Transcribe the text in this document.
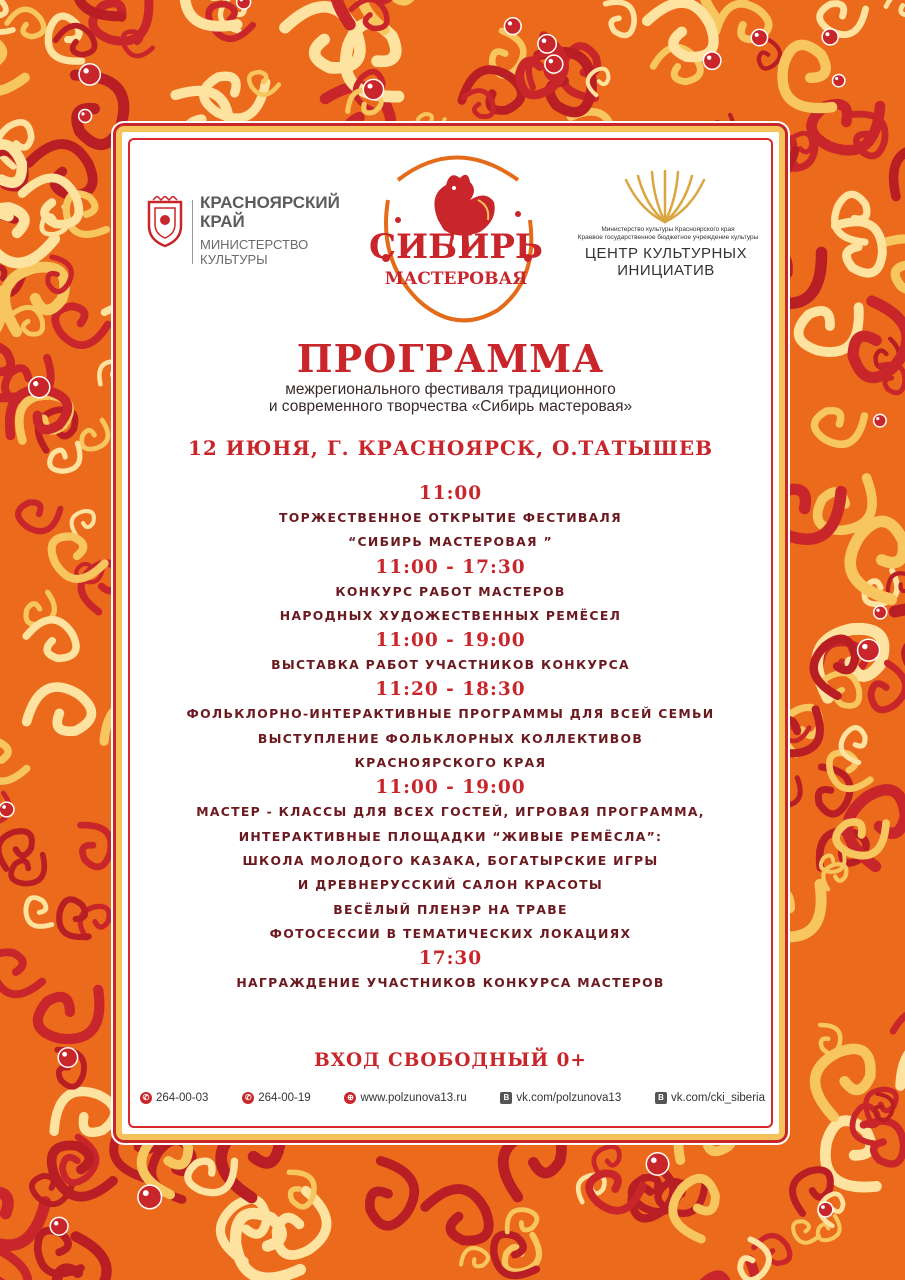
КРАСНОЯРСКИЙ
КРАЙ
МИНИСТЕРСТВО
КУЛЬТУРЫ	СИБИРЬ
МАСТЕРОВАЯ
Министерство культуры Красноярского края
Краевое государственное бюджетное учреждение культуры
ЦЕНТР КУЛЬТУРНЫХ
ИНИЦИАТИВ
ПРОГРАММА
межрегионального фестиваля традиционного
и современного творчества «Сибирь мастеровая»
12 ИЮНЯ, Г. КРАСНОЯРСК, О.ТАТЫШЕВ
11:00
ТОРЖЕСТВЕННОЕ ОТКРЫТИЕ ФЕСТИВАЛЯ
“СИБИРЬ МАСТЕРОВАЯ ”
11:00 - 17:30
КОНКУРС РАБОТ МАСТЕРОВ
НАРОДНЫХ ХУДОЖЕСТВЕННЫХ РЕМЁСЕЛ
11:00 - 19:00
ВЫСТАВКА РАБОТ УЧАСТНИКОВ КОНКУРСА
11:20 - 18:30
ФОЛЬКЛОРНО-ИНТЕРАКТИВНЫЕ ПРОГРАММЫ ДЛЯ ВСЕЙ СЕМЬИ
ВЫСТУПЛЕНИЕ ФОЛЬКЛОРНЫХ КОЛЛЕКТИВОВ
КРАСНОЯРСКОГО КРАЯ
11:00 - 19:00
МАСТЕР - КЛАССЫ ДЛЯ ВСЕХ ГОСТЕЙ, ИГРОВАЯ ПРОГРАММА,
ИНТЕРАКТИВНЫЕ ПЛОЩАДКИ “ЖИВЫЕ РЕМЁСЛА”:
ШКОЛА МОЛОДОГО КАЗАКА, БОГАТЫРСКИЕ ИГРЫ
И ДРЕВНЕРУССКИЙ САЛОН КРАСОТЫ
ВЕСЁЛЫЙ ПЛЕНЭР НА ТРАВЕ
ФОТОСЕССИИ В ТЕМАТИЧЕСКИХ ЛОКАЦИЯХ
17:30
НАГРАЖДЕНИЕ УЧАСТНИКОВ КОНКУРСА МАСТЕРОВ
ВХОД СВОБОДНЫЙ 0+
✆ 264-00-03	✆ 264-00-19	⊕ www.polzunova13.ru	B vk.com/polzunova13	B vk.com/cki_siberia
